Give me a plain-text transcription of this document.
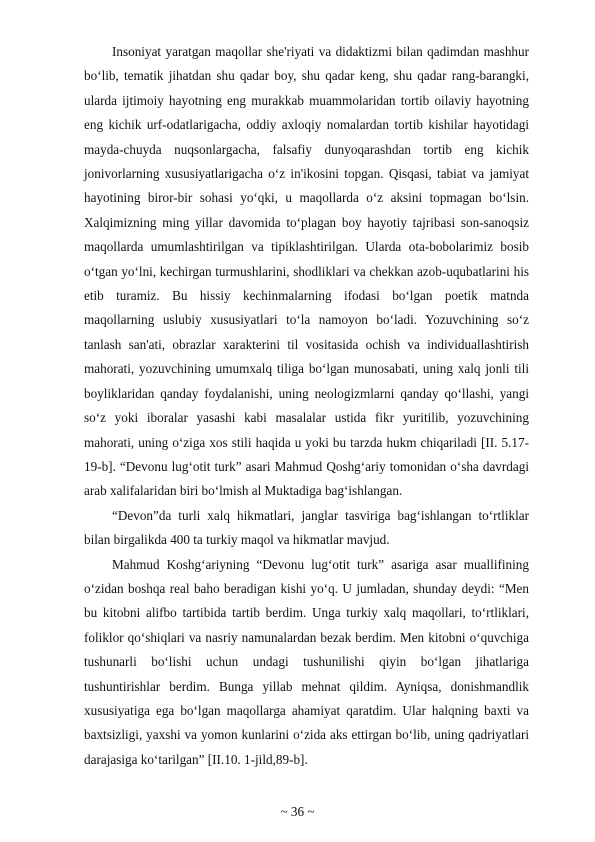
Insoniyat yaratgan maqollar she'riyati va didaktizmi bilan qadimdan mashhur bo‘lib, tematik jihatdan shu qadar boy, shu qadar keng, shu qadar rang-barangki, ularda ijtimoiy hayotning eng murakkab muammolaridan tortib oilaviy hayotning eng kichik urf-odatlarigacha, oddiy axloqiy nomalardan tortib kishilar hayotidagi mayda-chuyda nuqsonlargacha, falsafiy dunyoqarashdan tortib eng kichik jonivorlarning xususiyatlarigacha o‘z in'ikosini topgan. Qisqasi, tabiat va jamiyat hayotining biror-bir sohasi yo‘qki, u maqollarda o‘z aksini topmagan bo‘lsin. Xalqimizning ming yillar davomida to‘plagan boy hayotiy tajribasi son-sanoqsiz maqollarda umumlashtirilgan va tipiklashtirilgan. Ularda ota-bobolarimiz bosib o‘tgan yo‘lni, kechirgan turmushlarini, shodliklari va chekkan azob-uqubatlarini his etib turamiz. Bu hissiy kechinmalarning ifodasi bo‘lgan poetik matnda maqollarning uslubiy xususiyatlari to‘la namoyon bo‘ladi. Yozuvchining so‘z tanlash san'ati, obrazlar xarakterini til vositasida ochish va individuallashtirish mahorati, yozuvchining umumxalq tiliga bo‘lgan munosabati, uning xalq jonli tili boyliklaridan qanday foydalanishi, uning neologizmlarni qanday qo‘llashi, yangi so‘z yoki iboralar yasashi kabi masalalar ustida fikr yuritilib, yozuvchining mahorati, uning o‘ziga xos stili haqida u yoki bu tarzda hukm chiqariladi [II. 5.17-19-b]. “Devonu lug‘otit turk” asari Mahmud Qoshg‘ariy tomonidan o‘sha davrdagi arab xalifalaridan biri bo‘lmish al Muktadiga bag‘ishlangan.

“Devon”da turli xalq hikmatlari, janglar tasviriga bag‘ishlangan to‘rtliklar bilan birgalikda 400 ta turkiy maqol va hikmatlar mavjud.

Mahmud Koshg‘ariyning “Devonu lug‘otit turk” asariga asar muallifining o‘zidan boshqa real baho beradigan kishi yo‘q. U jumladan, shunday deydi: “Men bu kitobni alifbo tartibida tartib berdim. Unga turkiy xalq maqollari, to‘rtliklari, foliklor qo‘shiqlari va nasriy namunalardan bezak berdim. Men kitobni o‘quvchiga tushunarli bo‘lishi uchun undagi tushunilishi qiyin bo‘lgan jihatlariga tushuntirishlar berdim. Bunga yillab mehnat qildim. Ayniqsa, donishmandlik xususiyatiga ega bo‘lgan maqollarga ahamiyat qaratdim. Ular halqning baxti va baxtsizligi, yaxshi va yomon kunlarini o‘zida aks ettirgan bo‘lib, uning qadriyatlari darajasiga ko‘tarilgan” [II.10. 1-jild,89-b].

~ 36 ~
